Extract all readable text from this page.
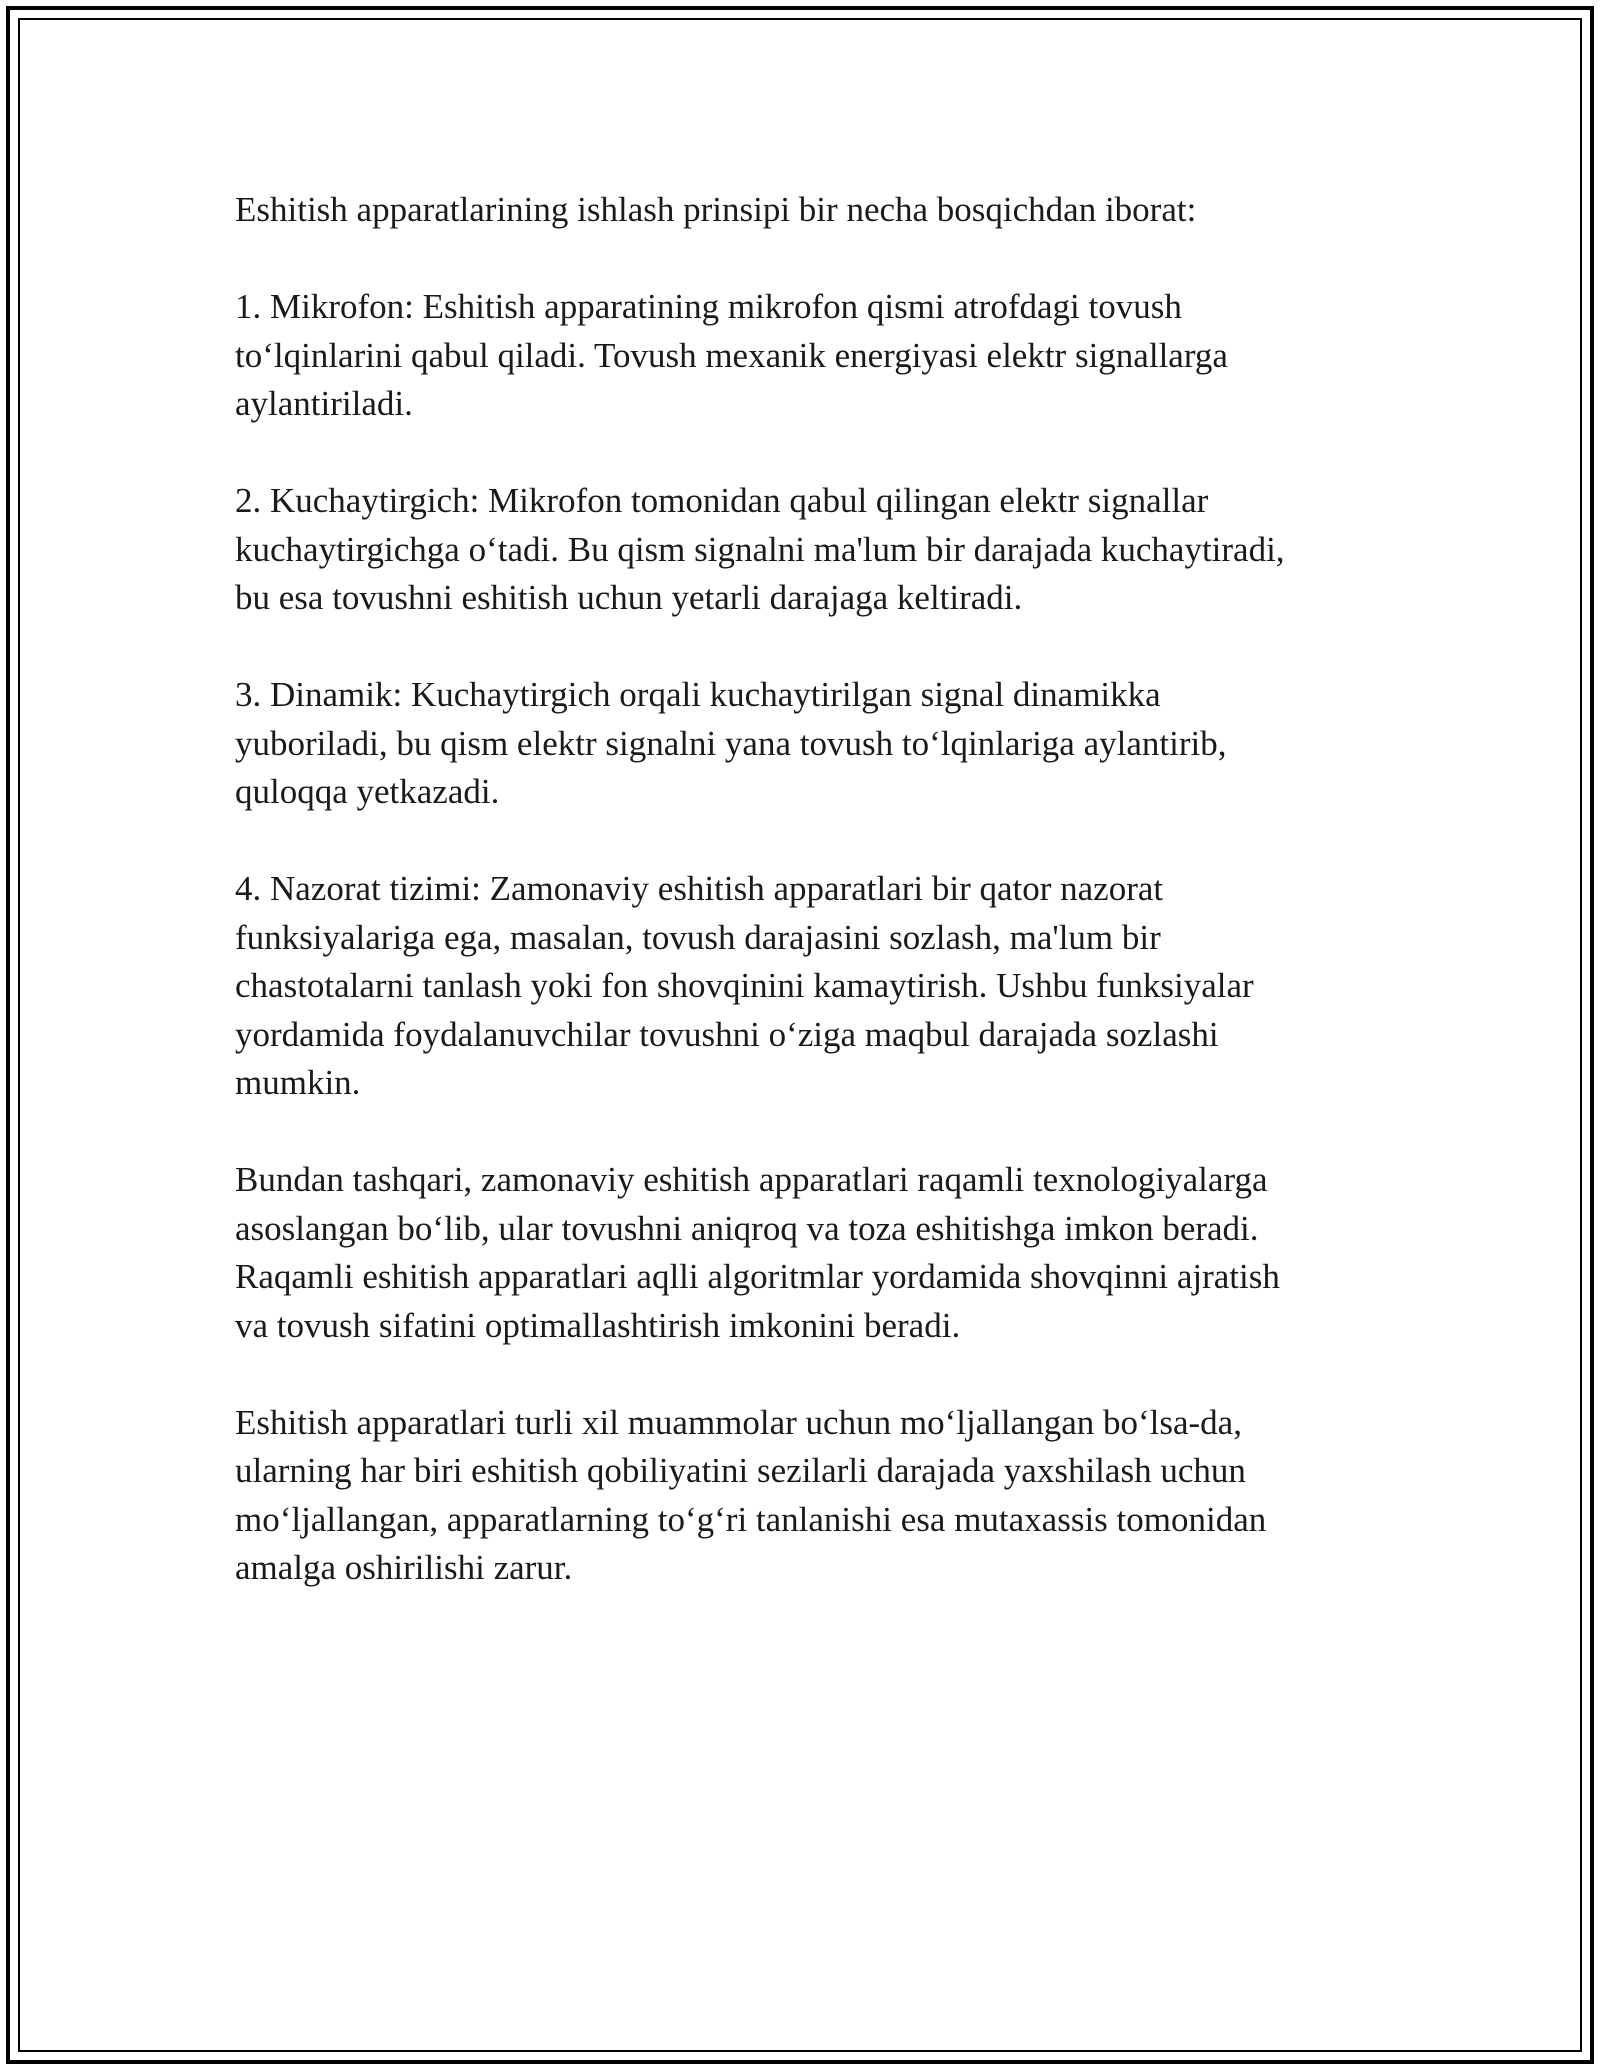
Eshitish apparatlarining ishlash prinsipi bir necha bosqichdan iborat:

1. Mikrofon: Eshitish apparatining mikrofon qismi atrofdagi tovush
to‘lqinlarini qabul qiladi. Tovush mexanik energiyasi elektr signallarga
aylantiriladi.

2. Kuchaytirgich: Mikrofon tomonidan qabul qilingan elektr signallar
kuchaytirgichga o‘tadi. Bu qism signalni ma'lum bir darajada kuchaytiradi,
bu esa tovushni eshitish uchun yetarli darajaga keltiradi.

3. Dinamik: Kuchaytirgich orqali kuchaytirilgan signal dinamikka
yuboriladi, bu qism elektr signalni yana tovush to‘lqinlariga aylantirib,
quloqqa yetkazadi.

4. Nazorat tizimi: Zamonaviy eshitish apparatlari bir qator nazorat
funksiyalariga ega, masalan, tovush darajasini sozlash, ma'lum bir
chastotalarni tanlash yoki fon shovqinini kamaytirish. Ushbu funksiyalar
yordamida foydalanuvchilar tovushni o‘ziga maqbul darajada sozlashi
mumkin.

Bundan tashqari, zamonaviy eshitish apparatlari raqamli texnologiyalarga
asoslangan bo‘lib, ular tovushni aniqroq va toza eshitishga imkon beradi.
Raqamli eshitish apparatlari aqlli algoritmlar yordamida shovqinni ajratish
va tovush sifatini optimallashtirish imkonini beradi.

Eshitish apparatlari turli xil muammolar uchun mo‘ljallangan bo‘lsa-da,
ularning har biri eshitish qobiliyatini sezilarli darajada yaxshilash uchun
mo‘ljallangan, apparatlarning to‘g‘ri tanlanishi esa mutaxassis tomonidan
amalga oshirilishi zarur.
